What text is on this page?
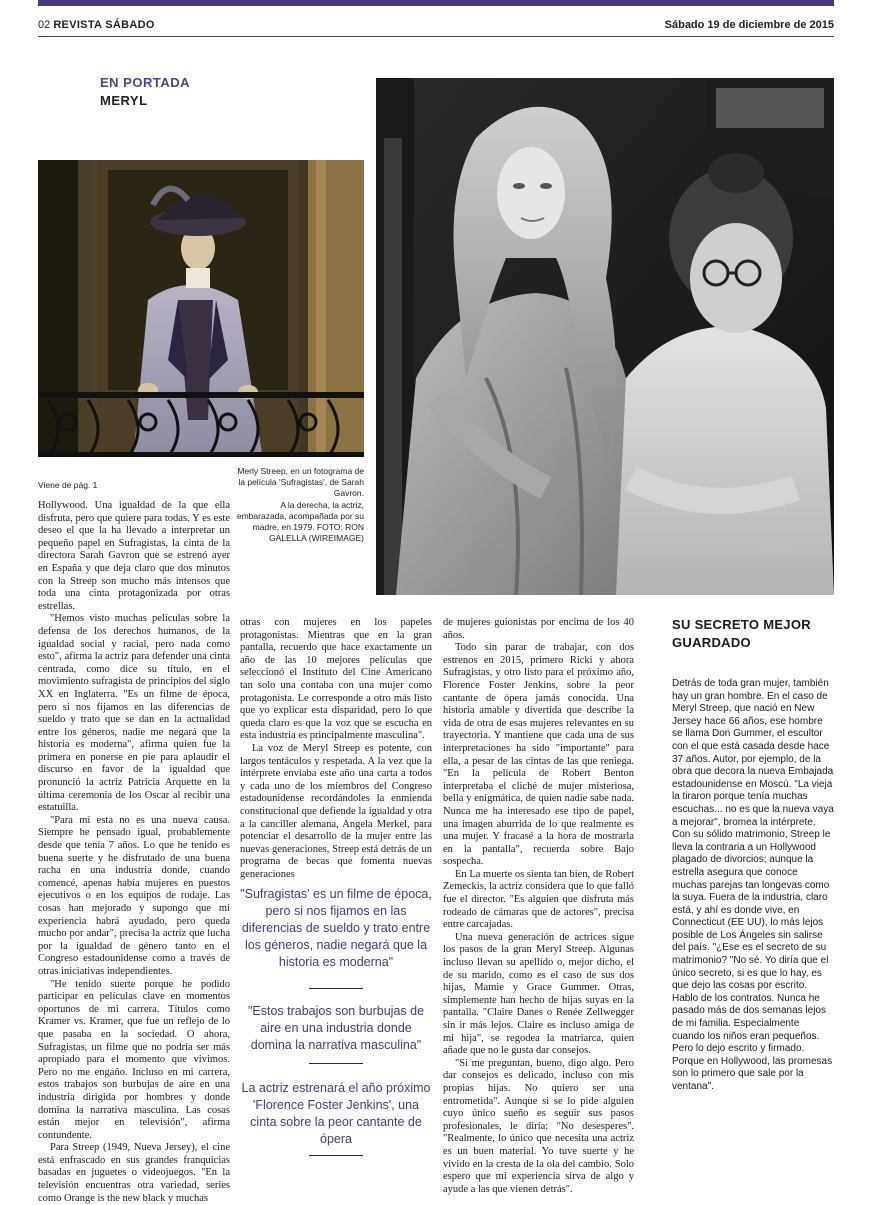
02 REVISTA SÁBADO	Sábado 19 de diciembre de 2015
EN PORTADA
MERYL
Viene de pág. 1
Merly Streep, en un fotograma de la película 'Sufragistas', de Sarah Gavron.
A la derecha, la actriz, embarazada, acompañada por su madre, en 1979. FOTO: RON GALELLA (WIREIMAGE)

Hollywood. Una igualdad de la que ella disfruta, pero que quiere para todas. Y es este deseo el que la ha llevado a interpretar un pequeño papel en Sufragistas, la cinta de la directora Sarah Gavron que se estrenó ayer en España y que deja claro que dos minutos con la Streep son mucho más intensos que toda una cinta protagonizada por otras estrellas.

"Hemos visto muchas películas sobre la defensa de los derechos humanos, de la igualdad social y racial, pero nada como esto", afirma la actriz para defender una cinta centrada, como dice su título, en el movimiento sufragista de principios del siglo XX en Inglaterra. "Es un filme de época, pero si nos fijamos en las diferencias de sueldo y trato que se dan en la actualidad entre los géneros, nadie me negará que la historia es moderna", afirma quien fue la primera en ponerse en pie para aplaudir el discurso en favor de la igualdad que pronunció la actriz Patricia Arquette en la última ceremonia de los Oscar al recibir una estatuilla.

"Para mí esta no es una nueva causa. Siempre he pensado igual, probablemente desde que tenía 7 años. Lo que he tenido es buena suerte y he disfrutado de una buena racha en una industria donde, cuando comencé, apenas había mujeres en puestos ejecutivos o en los equipos de rodaje. Las cosas han mejorado y supongo que mi experiencia habrá ayudado, pero queda mucho por andar", precisa la actriz que lucha por la igualdad de género tanto en el Congreso estadounidense como a través de otras iniciativas independientes.

"He tenido suerte porque he podido participar en películas clave en momentos oportunos de mi carrera. Títulos como Kramer vs. Kramer, que fue un reflejo de lo que pasaba en la sociedad. O ahora, Sufragistas, un filme que no podría ser más apropiado para el momento que vivimos. Pero no me engaño. Incluso en mi carrera, estos trabajos son burbujas de aire en una industria dirigida por hombres y donde domina la narrativa masculina. Las cosas están mejor en televisión", afirma contundente.

Para Streep (1949, Nueva Jersey), el cine está enfrascado en sus grandes franquicias basadas en juguetes o videojuegos. "En la televisión encuentras otra variedad, series como Orange is the new black y muchas

otras con mujeres en los papeles protagonistas. Mientras que en la gran pantalla, recuerdo que hace exactamente un año de las 10 mejores películas que seleccionó el Instituto del Cine Americano tan solo una contaba con una mujer como protagonista. Le corresponde a otro más listo que yo explicar esta disparidad, pero lo que queda claro es que la voz que se escucha en esta industria es principalmente masculina".

La voz de Meryl Streep es potente, con largos tentáculos y respetada. A la vez que la intérprete enviaba este año una carta a todos y cada uno de los miembros del Congreso estadounidense recordándoles la enmienda constitucional que defiende la igualdad y otra a la canciller alemana, Angela Merkel, para potenciar el desarrollo de la mujer entre las nuevas generaciones, Streep está detrás de un programa de becas que fomenta nuevas generaciones

"Sufragistas' es un filme de época, pero si nos fijamos en las diferencias de sueldo y trato entre los géneros, nadie negará que la historia es moderna"
"Estos trabajos son burbujas de aire en una industria donde domina la narrativa masculina"
La actriz estrenará el año próximo 'Florence Foster Jenkins', una cinta sobre la peor cantante de ópera

de mujeres guionistas por encima de los 40 años.

Todo sin parar de trabajar, con dos estrenos en 2015, primero Ricki y ahora Sufragistas, y otro listo para el próximo año, Florence Foster Jenkins, sobre la peor cantante de ópera jamás conocida. Una historia amable y divertida que describe la vida de otra de esas mujeres relevantes en su trayectoria. Y mantiene que cada una de sus interpretaciones ha sido "importante" para ella, a pesar de las cintas de las que reniega. "En la película de Robert Benton interpretaba el cliché de mujer misteriosa, bella y enigmática, de quien nadie sabe nada. Nunca me ha interesado ese tipo de papel, una imagen aburrida de lo que realmente es una mujer. Y fracasé a la hora de mostrarla en la pantalla", recuerda sobre Bajo sospecha.

En La muerte os sienta tan bien, de Robert Zemeckis, la actriz considera que lo que falló fue el director. "Es alguien que disfruta más rodeado de cámaras que de actores", precisa entre carcajadas.

Una nueva generación de actrices sigue los pasos de la gran Meryl Streep. Algunas incluso llevan su apellido o, mejor dicho, el de su marido, como es el caso de sus dos hijas, Mamie y Grace Gummer. Otras, simplemente han hecho de hijas suyas en la pantalla. "Claire Danes o Renée Zellwegger sin ir más lejos. Claire es incluso amiga de mi hija", se regodea la matriarca, quien añade que no le gusta dar consejos.

"Si me preguntan, bueno, digo algo. Pero dar consejos es delicado, incluso con mis propias hijas. No quiero ser una entrometida". Aunque si se lo pide alguien cuyo único sueño es seguir sus pasos profesionales, le diría: "No desesperes". "Realmente, lo único que necesita una actriz es un buen material. Yo tuve suerte y he vivido en la cresta de la ola del cambio. Solo espero que mi experiencia sirva de algo y ayude a las que vienen detrás".

SU SECRETO MEJOR GUARDADO
Detrás de toda gran mujer, también hay un gran hombre. En el caso de Meryl Streep, que nació en New Jersey hace 66 años, ese hombre se llama Don Gummer, el escultor con el que está casada desde hace 37 años. Autor, por ejemplo, de la obra que decora la nueva Embajada estadounidense en Moscú. "La vieja la tiraron porque tenía muchas escuchas... no es que la nueva vaya a mejorar", bromea la intérprete. Con su sólido matrimonio, Streep le lleva la contraria a un Hollywood plagado de divorcios; aunque la estrella asegura que conoce muchas parejas tan longevas como la suya. Fuera de la industria, claro está, y ahí es donde vive, en Connecticut (EE UU), lo más lejos posible de Los Ángeles sin salirse del país. "¿Ese es el secreto de su matrimonio? "No sé. Yo diría que el único secreto, si es que lo hay, es que dejo las cosas por escrito. Hablo de los contratos. Nunca he pasado más de dos semanas lejos de mi familia. Especialmente cuando los niños eran pequeños. Pero lo dejo escrito y firmado. Porque en Hollywood, las promesas son lo primero que sale por la ventana".
